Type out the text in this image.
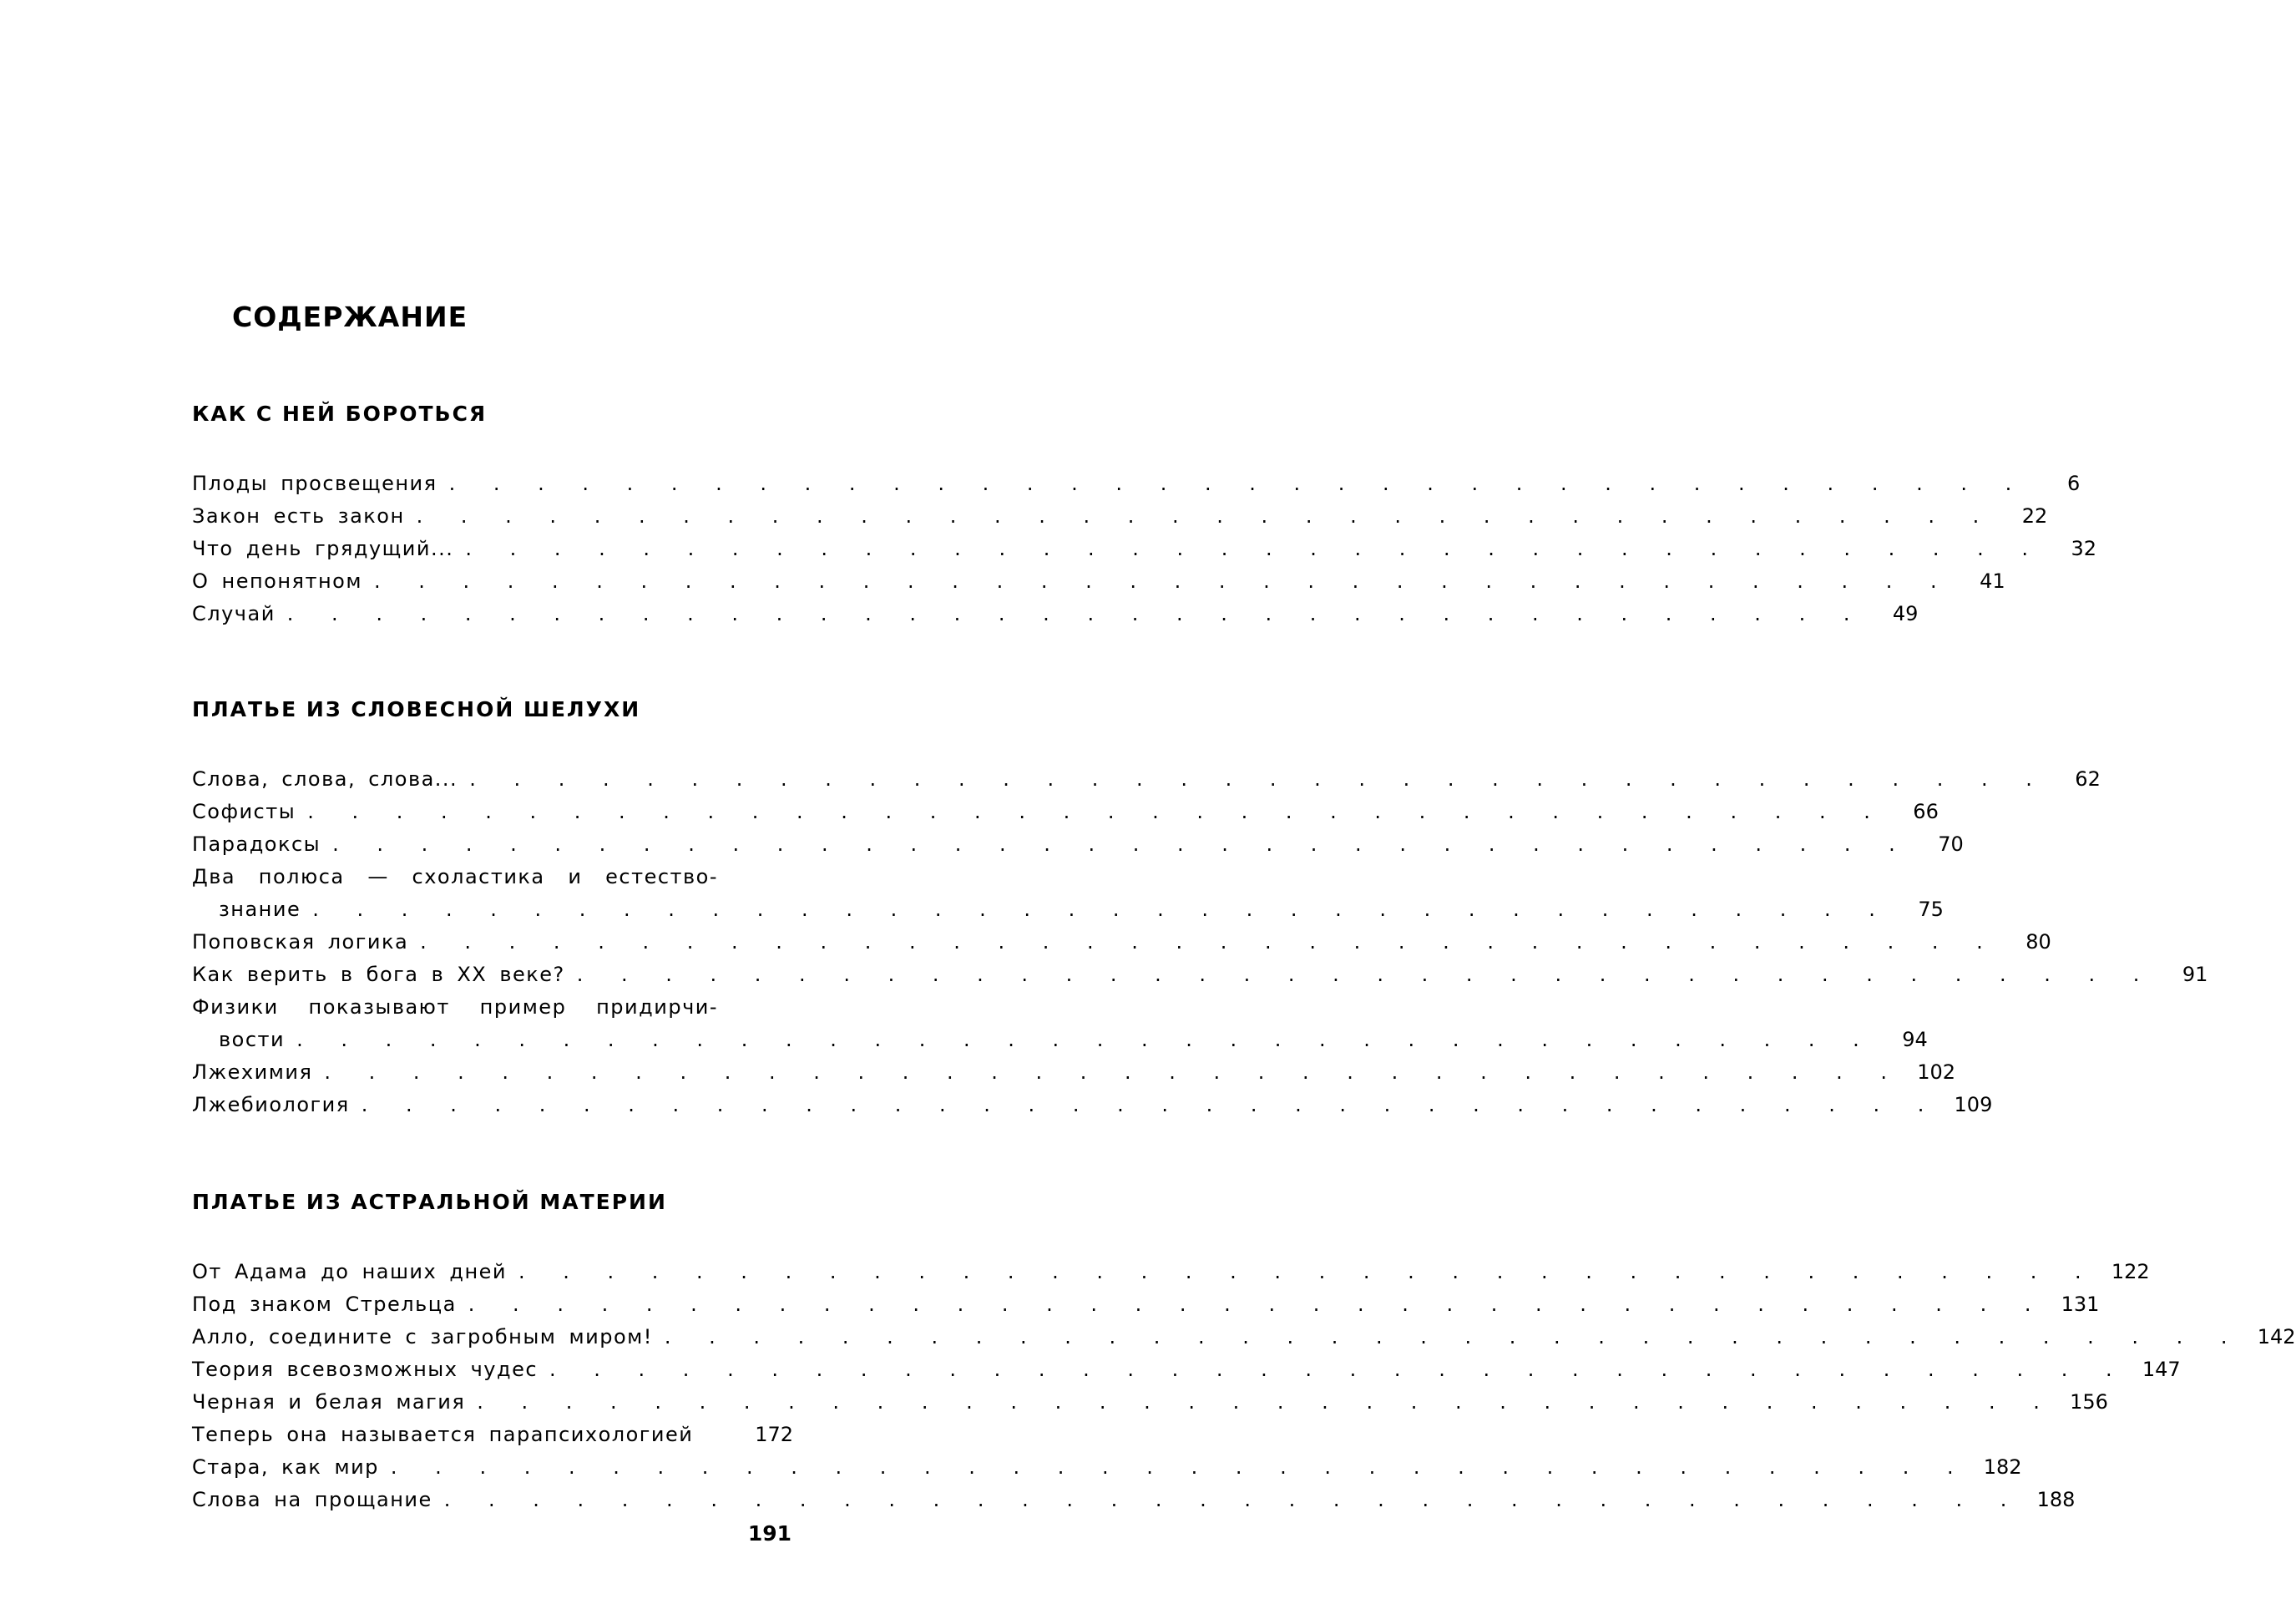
СОДЕРЖАНИЕ
КАК С НЕЙ БОРОТЬСЯ
Плоды просвещения . . . . . . . . . . . . . . . . . . . . . . . . . . . . . . . . . . . .	6
Закон есть закон . . . . . . . . . . . . . . . . . . . . . . . . . . . . . . . . . . . .	22
Что день грядущий... . . . . . . . . . . . . . . . . . . . . . . . . . . . . . . . . . . . .	32
О непонятном . . . . . . . . . . . . . . . . . . . . . . . . . . . . . . . . . . . .	41
Случай . . . . . . . . . . . . . . . . . . . . . . . . . . . . . . . . . . . .	49
ПЛАТЬЕ ИЗ СЛОВЕСНОЙ ШЕЛУХИ
Слова, слова, слова... . . . . . . . . . . . . . . . . . . . . . . . . . . . . . . . . . . . .	62
Софисты . . . . . . . . . . . . . . . . . . . . . . . . . . . . . . . . . . . .	66
Парадоксы . . . . . . . . . . . . . . . . . . . . . . . . . . . . . . . . . . . .	70
Два полюса — схоластика и естество-
знание . . . . . . . . . . . . . . . . . . . . . . . . . . . . . . . . . . . .	75
Поповская логика . . . . . . . . . . . . . . . . . . . . . . . . . . . . . . . . . . . .	80
Как верить в бога в XX веке? . . . . . . . . . . . . . . . . . . . . . . . . . . . . . . . . . . . .	91
Физики показывают пример придирчи-
вости . . . . . . . . . . . . . . . . . . . . . . . . . . . . . . . . . . . .	94
Лжехимия . . . . . . . . . . . . . . . . . . . . . . . . . . . . . . . . . . . . 102
Лжебиология . . . . . . . . . . . . . . . . . . . . . . . . . . . . . . . . . . . . 109
ПЛАТЬЕ ИЗ АСТРАЛЬНОЙ МАТЕРИИ
От Адама до наших дней . . . . . . . . . . . . . . . . . . . . . . . . . . . . . . . . . . . . 122
Под знаком Стрельца . . . . . . . . . . . . . . . . . . . . . . . . . . . . . . . . . . . . 131
Алло, соедините с загробным миром! . . . . . . . . . . . . . . . . . . . . . . . . . . . . . . . . . . . . 142
Теория всевозможных чудес . . . . . . . . . . . . . . . . . . . . . . . . . . . . . . . . . . . . 147
Черная и белая магия . . . . . . . . . . . . . . . . . . . . . . . . . . . . . . . . . . . . 156
Теперь она называется парапсихологией	172
Стара, как мир . . . . . . . . . . . . . . . . . . . . . . . . . . . . . . . . . . . . 182
Слова на прощание . . . . . . . . . . . . . . . . . . . . . . . . . . . . . . . . . . . . 188
191
